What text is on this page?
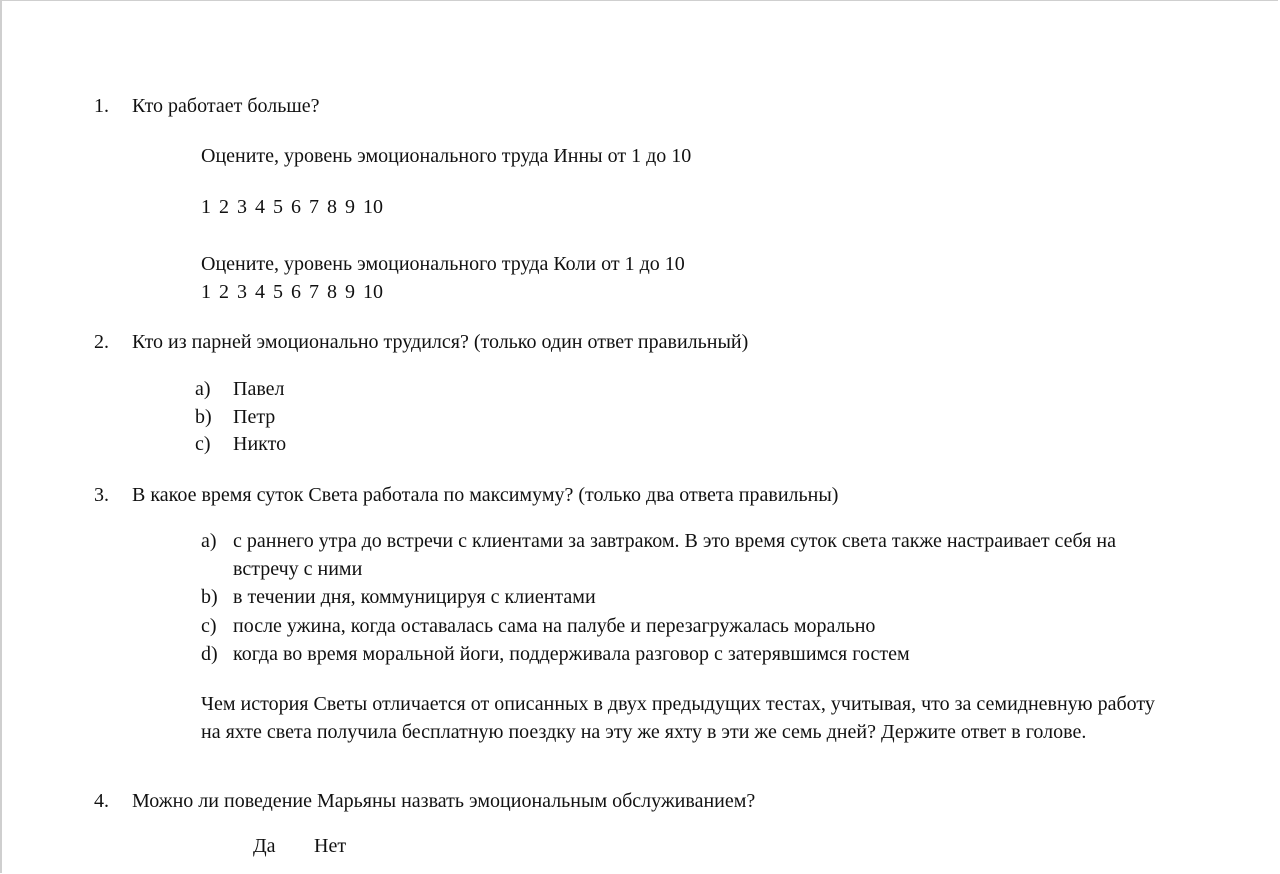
1. Кто работает больше?
Оцените, уровень эмоционального труда Инны от 1 до 10
1 2 3 4 5 6 7 8 9 10
Оцените, уровень эмоционального труда Коли от 1 до 10
1 2 3 4 5 6 7 8 9 10
2. Кто из парней эмоционально трудился? (только один ответ правильный)
a) Павел
b) Петр
c) Никто
3. В какое время суток Света работала по максимуму? (только два ответа правильны)
a) с раннего утра до встречи с клиентами за завтраком. В это время суток света также настраивает себя на
встречу с ними
b) в течении дня, коммуницируя с клиентами
c) после ужина, когда оставалась сама на палубе и перезагружалась морально
d) когда во время моральной йоги, поддерживала разговор с затерявшимся гостем
Чем история Светы отличается от описанных в двух предыдущих тестах, учитывая, что за семидневную работу на яхте света получила бесплатную поездку на эту же яхту в эти же семь дней? Держите ответ в голове.
4. Можно ли поведение Марьяны назвать эмоциональным обслуживанием?
Да Нет
